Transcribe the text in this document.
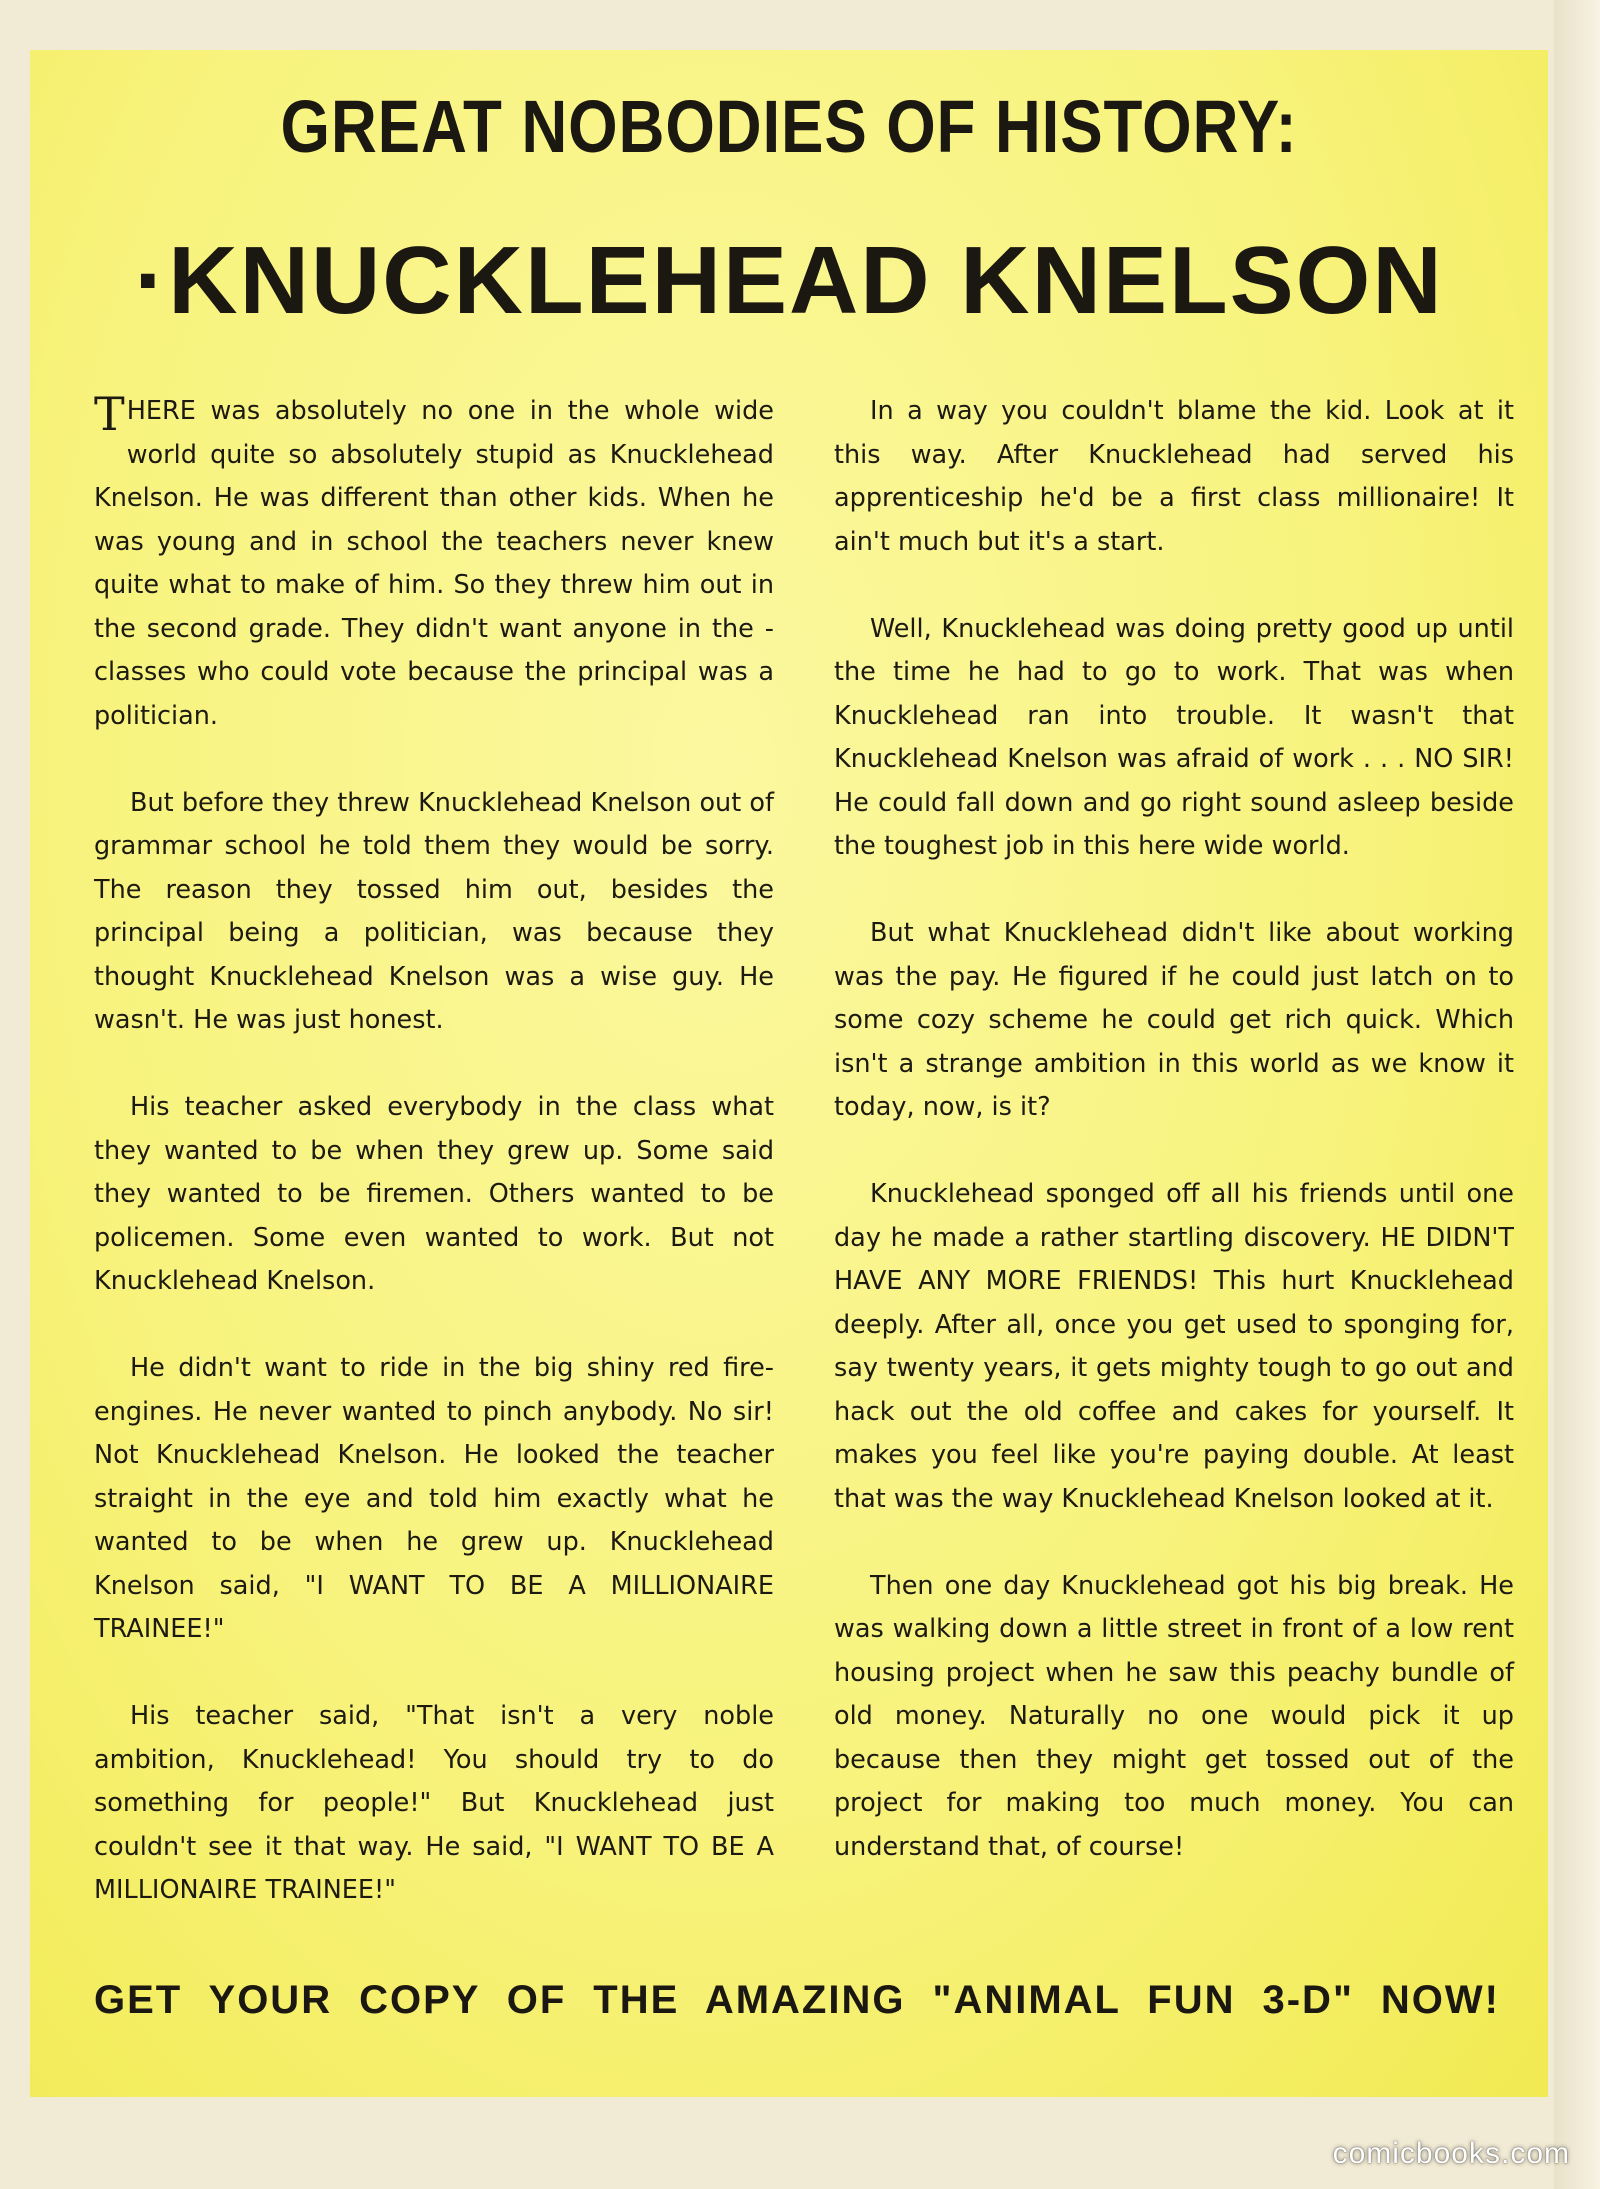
GREAT NOBODIES OF HISTORY:
·KNUCKLEHEAD KNELSON

THERE was absolutely no one in the whole wide world quite so absolutely stupid as Knucklehead Knelson. He was different than other kids. When he was young and in school the teachers never knew quite what to make of him. So they threw him out in the second grade. They didn't want anyone in the - classes who could vote because the principal was a politician.

But before they threw Knucklehead Knelson out of grammar school he told them they would be sorry. The reason they tossed him out, besides the principal being a politician, was because they thought Knucklehead Knelson was a wise guy. He wasn't. He was just honest.

His teacher asked everybody in the class what they wanted to be when they grew up. Some said they wanted to be firemen. Others wanted to be policemen. Some even wanted to work. But not Knucklehead Knelson.

He didn't want to ride in the big shiny red fire-engines. He never wanted to pinch anybody. No sir! Not Knucklehead Knelson. He looked the teacher straight in the eye and told him exactly what he wanted to be when he grew up. Knucklehead Knelson said, "I WANT TO BE A MILLIONAIRE TRAINEE!"

His teacher said, "That isn't a very noble ambition, Knucklehead! You should try to do something for people!" But Knucklehead just couldn't see it that way. He said, "I WANT TO BE A MILLIONAIRE TRAINEE!"

In a way you couldn't blame the kid. Look at it this way. After Knucklehead had served his apprenticeship he'd be a first class millionaire! It ain't much but it's a start.

Well, Knucklehead was doing pretty good up until the time he had to go to work. That was when Knucklehead ran into trouble. It wasn't that Knucklehead Knelson was afraid of work . . . NO SIR! He could fall down and go right sound asleep beside the toughest job in this here wide world.

But what Knucklehead didn't like about working was the pay. He figured if he could just latch on to some cozy scheme he could get rich quick. Which isn't a strange ambition in this world as we know it today, now, is it?

Knucklehead sponged off all his friends until one day he made a rather startling discovery. HE DIDN'T HAVE ANY MORE FRIENDS! This hurt Knucklehead deeply. After all, once you get used to sponging for, say twenty years, it gets mighty tough to go out and hack out the old coffee and cakes for yourself. It makes you feel like you're paying double. At least that was the way Knucklehead Knelson looked at it.

Then one day Knucklehead got his big break. He was walking down a little street in front of a low rent housing project when he saw this peachy bundle of old money. Naturally no one would pick it up because then they might get tossed out of the project for making too much money. You can understand that, of course!

GET YOUR COPY OF THE AMAZING "ANIMAL FUN 3-D" NOW!
comicbooks.com
